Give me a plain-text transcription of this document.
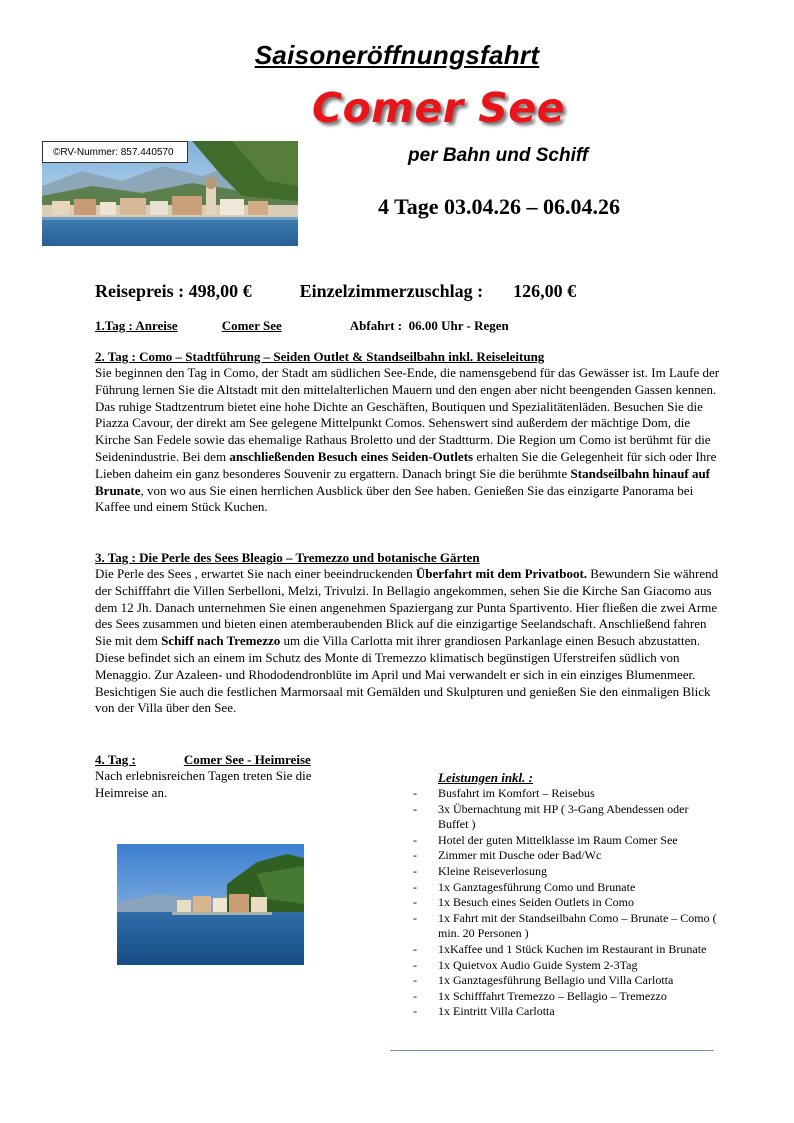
Saisoneröffnungsfahrt
Comer See
©RV-Nummer: 857.440570	per Bahn und Schiff
4 Tage 03.04.26 – 06.04.26
Reisepreis : 498,00 €	Einzelzimmerzuschlag : 126,00 €
1.Tag : Anreise	Comer See	Abfahrt :  06.00 Uhr - Regen
2. Tag : Como – Stadtführung – Seiden Outlet & Standseilbahn inkl. Reiseleitung
Sie beginnen den Tag in Como, der Stadt am südlichen See-Ende, die namensgebend für das Gewässer ist. Im Laufe der Führung lernen Sie die Altstadt mit den mittelalterlichen Mauern und den engen aber nicht beengenden Gassen kennen. Das ruhige Stadtzentrum bietet eine hohe Dichte an Geschäften, Boutiquen und Spezialitätenläden. Besuchen Sie die Piazza Cavour, der direkt am See gelegene Mittelpunkt Comos. Sehenswert sind außerdem der mächtige Dom, die Kirche San Fedele sowie das ehemalige Rathaus Broletto und der Stadtturm. Die Region um Como ist berühmt für die Seidenindustrie. Bei dem anschließenden Besuch eines Seiden-Outlets erhalten Sie die Gelegenheit für sich oder Ihre Lieben daheim ein ganz besonderes Souvenir zu ergattern. Danach bringt Sie die berühmte Standseilbahn hinauf auf Brunate, von wo aus Sie einen herrlichen Ausblick über den See haben. Genießen Sie das einzigarte Panorama bei Kaffee und einem Stück Kuchen.
3. Tag : Die Perle des Sees Bleagio – Tremezzo und botanische Gärten
Die Perle des Sees , erwartet Sie nach einer beeindruckenden Überfahrt mit dem Privatboot. Bewundern Sie während der Schifffahrt die Villen Serbelloni, Melzi, Trivulzi. In Bellagio angekommen, sehen Sie die Kirche San Giacomo aus dem 12 Jh. Danach unternehmen Sie einen angenehmen Spaziergang zur Punta Spartivento. Hier fließen die zwei Arme des Sees zusammen und bieten einen atemberaubenden Blick auf die einzigartige Seelandschaft. Anschließend fahren Sie mit dem Schiff nach Tremezzo um die Villa Carlotta mit ihrer grandiosen Parkanlage einen Besuch abzustatten. Diese befindet sich an einem im Schutz des Monte di Tremezzo klimatisch begünstigen Uferstreifen südlich von Menaggio. Zur Azaleen- und Rhododendronblüte im April und Mai verwandelt er sich in ein einziges Blumenmeer. Besichtigen Sie auch die festlichen Marmorsaal mit Gemälden und Skulpturen und genießen Sie den einmaligen Blick von der Villa über den See.
4. Tag :	Comer See - Heimreise
Nach erlebnisreichen Tagen treten Sie die Heimreise an.
Leistungen inkl. :
- Busfahrt im Komfort – Reisebus
- 3x Übernachtung mit HP ( 3-Gang Abendessen oder Buffet )
- Hotel der guten Mittelklasse im Raum Comer See
- Zimmer mit Dusche oder Bad/Wc
- Kleine Reiseverlosung
- 1x Ganztagesführung Como und Brunate
- 1x Besuch eines Seiden Outlets in Como
- 1x Fahrt mit der Standseilbahn Como – Brunate – Como ( min. 20 Personen )
- 1xKaffee und 1 Stück Kuchen im Restaurant in Brunate
- 1x Quietvox Audio Guide System 2-3Tag
- 1x Ganztagesführung Bellagio und Villa Carlotta
- 1x Schifffahrt Tremezzo – Bellagio – Tremezzo
- 1x Eintritt Villa Carlotta
